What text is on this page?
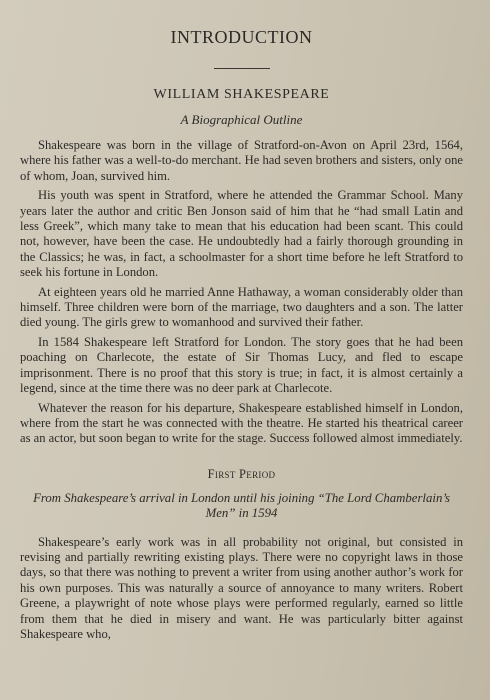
INTRODUCTION
WILLIAM SHAKESPEARE
A Biographical Outline

Shakespeare was born in the village of Stratford-on-Avon on April 23rd, 1564, where his father was a well-to-do merchant. He had seven brothers and sisters, only one of whom, Joan, survived him.

His youth was spent in Stratford, where he attended the Grammar School. Many years later the author and critic Ben Jonson said of him that he “had small Latin and less Greek”, which many take to mean that his education had been scant. This could not, however, have been the case. He undoubtedly had a fairly thorough grounding in the Classics; he was, in fact, a schoolmaster for a short time before he left Stratford to seek his fortune in London.

At eighteen years old he married Anne Hathaway, a woman considerably older than himself. Three children were born of the marriage, two daughters and a son. The latter died young. The girls grew to womanhood and survived their father.

In 1584 Shakespeare left Stratford for London. The story goes that he had been poaching on Charlecote, the estate of Sir Thomas Lucy, and fled to escape imprisonment. There is no proof that this story is true; in fact, it is almost certainly a legend, since at the time there was no deer park at Charlecote.

Whatever the reason for his departure, Shakespeare established himself in London, where from the start he was connected with the theatre. He started his theatrical career as an actor, but soon began to write for the stage. Success followed almost immediately.

First Period
From Shakespeare’s arrival in London until his joining “The Lord Chamberlain’s Men” in 1594

Shakespeare’s early work was in all probability not original, but consisted in revising and partially rewriting existing plays. There were no copyright laws in those days, so that there was nothing to prevent a writer from using another author’s work for his own purposes. This was naturally a source of annoyance to many writers. Robert Greene, a playwright of note whose plays were performed regularly, earned so little from them that he died in misery and want. He was particularly bitter against Shakespeare who,
